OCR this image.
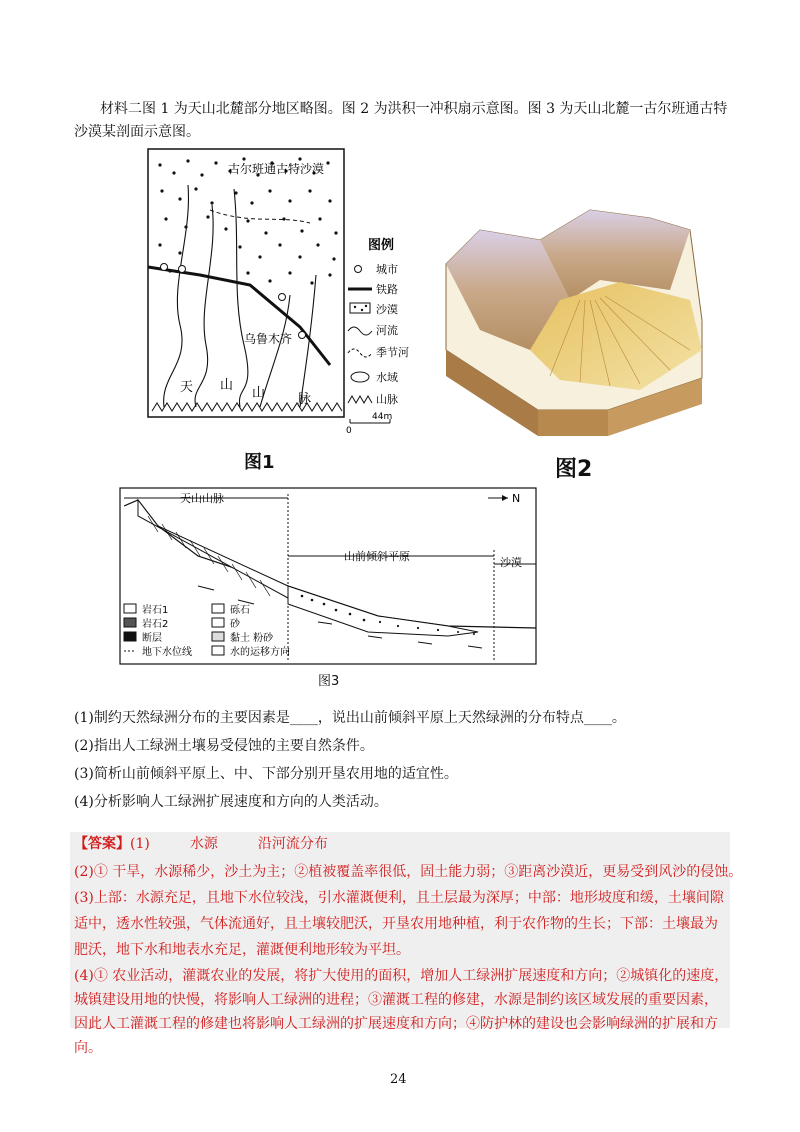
材料二图 1 为天山北麓部分地区略图。图 2 为洪积一冲积扇示意图。图 3 为天山北麓一古尔班通古特
沙漠某剖面示意图。
古尔班通古特沙漠
乌鲁木齐
天 山
山	脉
图例
城市
铁路
沙漠
河流
季节河
水域
山脉
0
44m
图1	图2
天山山脉
山前倾斜平原	沙漠
N
岩石1
岩石2
断层
地下水位线
砾石
砂
黏土 粉砂
水的运移方向
图3
(1)制约天然绿洲分布的主要因素是____，说出山前倾斜平原上天然绿洲的分布特点____。
(2)指出人工绿洲土壤易受侵蚀的主要自然条件。
(3)简析山前倾斜平原上、中、下部分别开垦农用地的适宜性。
(4)分析影响人工绿洲扩展速度和方向的人类活动。
【答案】(1)	水源	沿河流分布
(2)① 干旱，水源稀少，沙土为主；②植被覆盖率很低，固土能力弱；③距离沙漠近，更易受到风沙的侵蚀。
(3)上部：水源充足，且地下水位较浅，引水灌溉便利，且土层最为深厚；中部：地形坡度和缓，土壤间隙
适中，透水性较强，气体流通好，且土壤较肥沃，开垦农用地种植，利于农作物的生长；下部：土壤最为
肥沃，地下水和地表水充足，灌溉便利地形较为平坦。
(4)① 农业活动，灌溉农业的发展，将扩大使用的面积，增加人工绿洲扩展速度和方向；②城镇化的速度，
城镇建设用地的快慢，将影响人工绿洲的进程；③灌溉工程的修建，水源是制约该区域发展的重要因素，
因此人工灌溉工程的修建也将影响人工绿洲的扩展速度和方向；④防护林的建设也会影响绿洲的扩展和方
向。
24
